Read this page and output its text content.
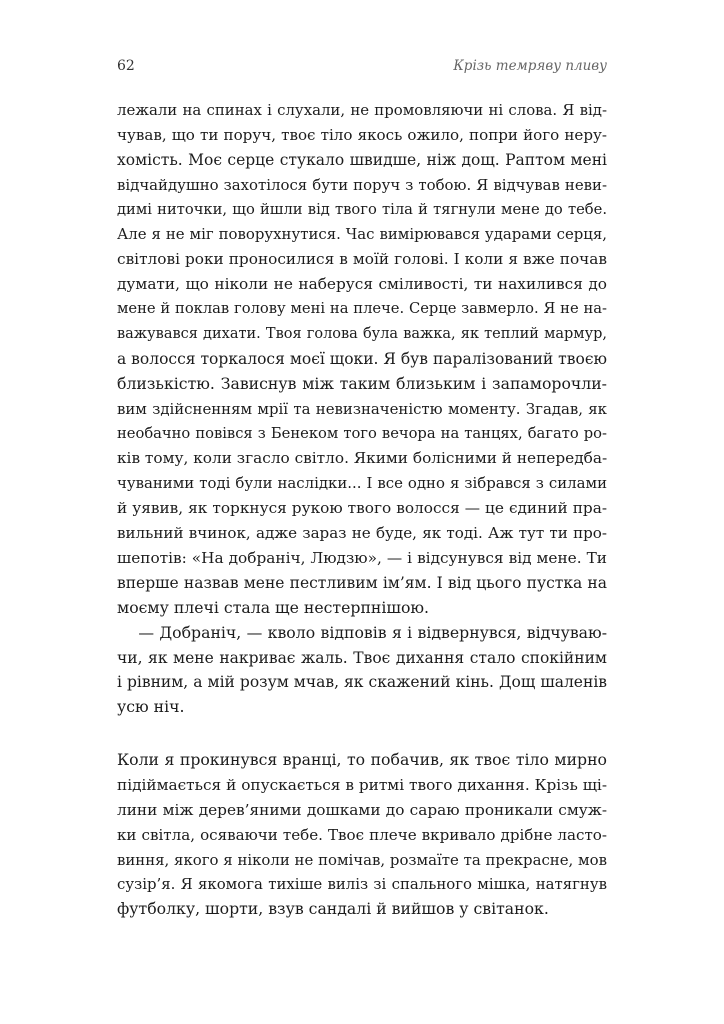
62	Крізь темряву пливу
лежали на спинах і слухали, не промовляючи ні слова. Я від-
чував, що ти поруч, твоє тіло якось ожило, попри його неру-
хомість. Моє серце стукало швидше, ніж дощ. Раптом мені
відчайдушно захотілося бути поруч з тобою. Я відчував неви-
димі ниточки, що йшли від твого тіла й тягнули мене до тебе.
Але я не міг поворухнутися. Час вимірювався ударами серця,
світлові роки проносилися в моїй голові. І коли я вже почав
думати, що ніколи не наберуся сміливості, ти нахилився до
мене й поклав голову мені на плече. Серце завмерло. Я не на-
важувався дихати. Твоя голова була важка, як теплий мармур,
а волосся торкалося моєї щоки. Я був паралізований твоєю
близькістю. Зависнув між таким близьким і запаморочли-
вим здійсненням мрії та невизначеністю моменту. Згадав, як
необачно повівся з Бенеком того вечора на танцях, багато ро-
ків тому, коли згасло світло. Якими болісними й непередба-
чуваними тоді були наслідки... І все одно я зібрався з силами
й уявив, як торкнуся рукою твого волосся — це єдиний пра-
вильний вчинок, адже зараз не буде, як тоді. Аж тут ти про-
шепотів: «На добраніч, Людзю», — і відсунувся від мене. Ти
вперше назвав мене пестливим ім’ям. І від цього пустка на
моєму плечі стала ще нестерпнішою.
— Добраніч, — кволо відповів я і відвернувся, відчуваю-
чи, як мене накриває жаль. Твоє дихання стало спокійним
і рівним, а мій розум мчав, як скажений кінь. Дощ шаленів
усю ніч.
Коли я прокинувся вранці, то побачив, як твоє тіло мирно
підіймається й опускається в ритмі твого дихання. Крізь щі-
лини між дерев’яними дошками до сараю проникали смуж-
ки світла, осяваючи тебе. Твоє плече вкривало дрібне ласто-
виння, якого я ніколи не помічав, розмаїте та прекрасне, мов
сузір’я. Я якомога тихіше виліз зі спального мішка, натягнув
футболку, шорти, взув сандалі й вийшов у світанок.
